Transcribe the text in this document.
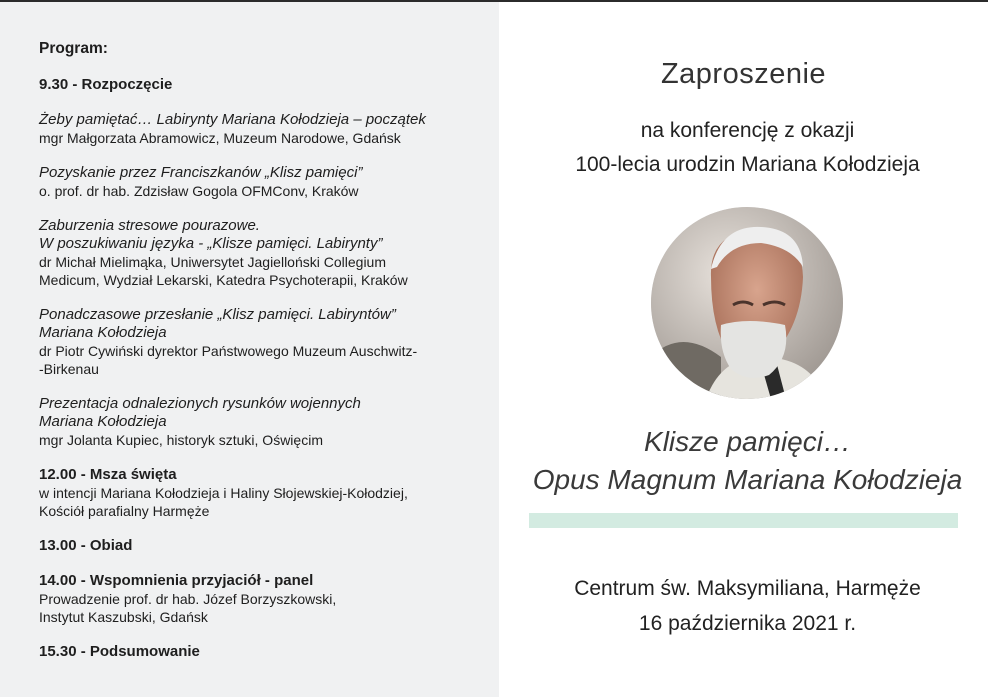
Program:
9.30 - Rozpoczęcie
Żeby pamiętać… Labirynty Mariana Kołodzieja – początek
mgr Małgorzata Abramowicz, Muzeum Narodowe, Gdańsk
Pozyskanie przez Franciszkanów „Klisz pamięci”
o. prof. dr hab. Zdzisław Gogola OFMConv, Kraków
Zaburzenia stresowe pourazowe.
W poszukiwaniu języka - „Klisze pamięci. Labirynty”
dr Michał Mielimąka, Uniwersytet Jagielloński Collegium
Medicum, Wydział Lekarski, Katedra Psychoterapii, Kraków
Ponadczasowe przesłanie „Klisz pamięci. Labiryntów”
Mariana Kołodzieja
dr Piotr Cywiński dyrektor Państwowego Muzeum Auschwitz-
-Birkenau
Prezentacja odnalezionych rysunków wojennych
Mariana Kołodzieja
mgr Jolanta Kupiec, historyk sztuki, Oświęcim
12.00 - Msza święta
w intencji Mariana Kołodzieja i Haliny Słojewskiej-Kołodziej,
Kościół parafialny Harmęże
13.00 - Obiad
14.00 - Wspomnienia przyjaciół - panel
Prowadzenie prof. dr hab. Józef Borzyszkowski,
Instytut Kaszubski, Gdańsk
15.30 - Podsumowanie
Zaproszenie
na konferencję z okazji
100-lecia urodzin Mariana Kołodzieja
Klisze pamięci…
Opus Magnum Mariana Kołodzieja
Centrum św. Maksymiliana, Harmęże
16 października 2021 r.
